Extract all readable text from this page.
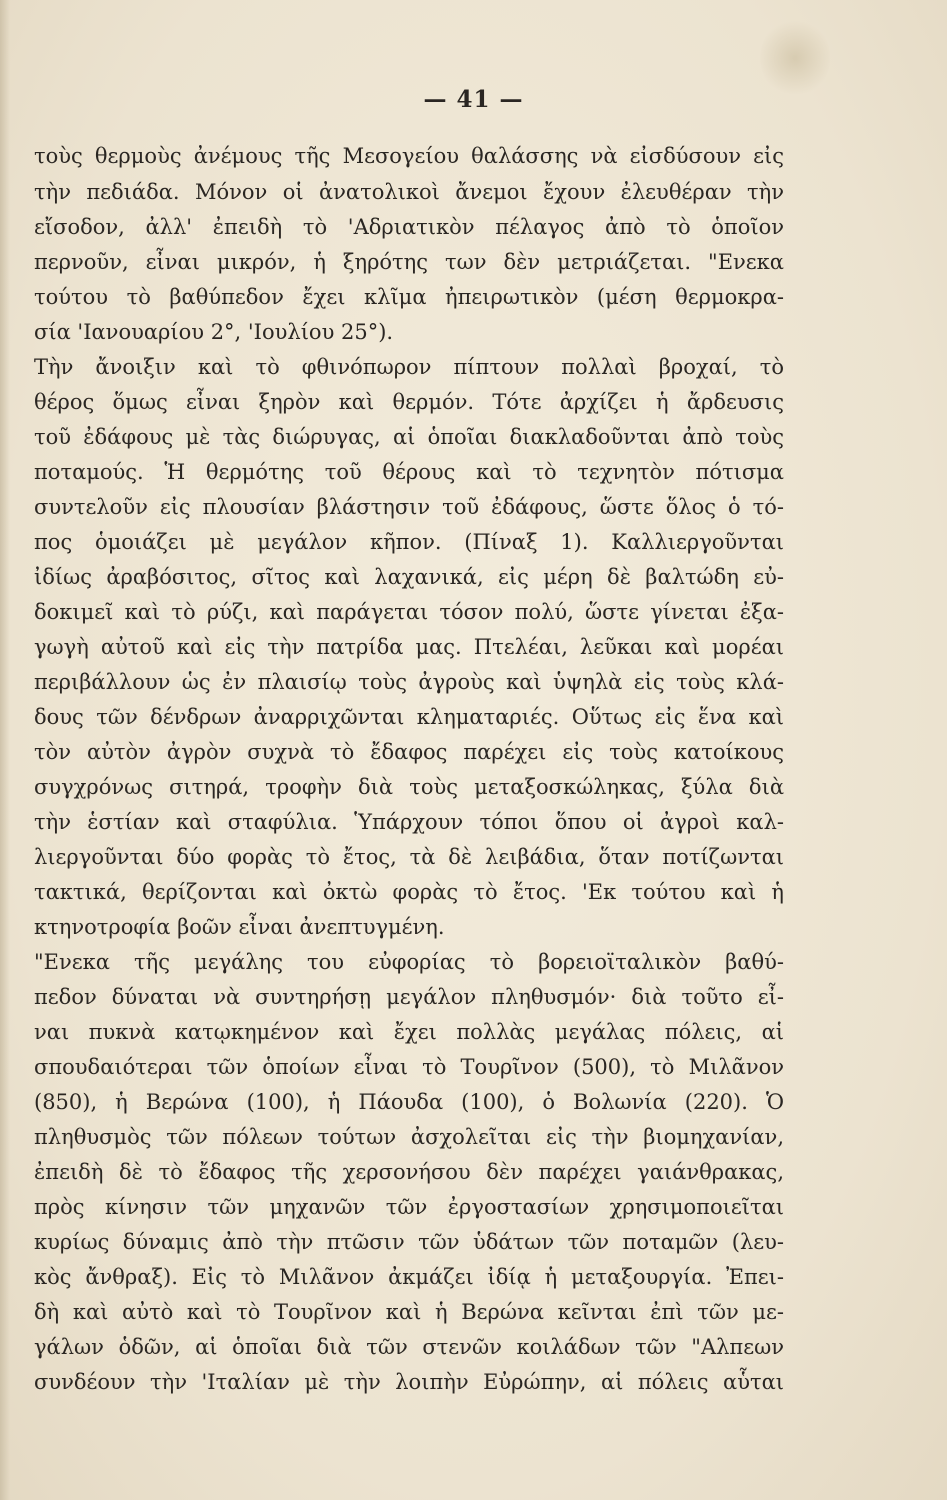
— 41 —
τοὺς θερμοὺς ἀνέμους τῆς Μεσογείου θαλάσσης νὰ εἰσδύσουν εἰς
τὴν πεδιάδα. Μόνον οἱ ἀνατολικοὶ ἄνεμοι ἔχουν ἐλευθέραν τὴν
εἴσοδον, ἀλλ' ἐπειδὴ τὸ 'Αδριατικὸν πέλαγος ἀπὸ τὸ ὁποῖον
περνοῦν, εἶναι μικρόν, ἡ ξηρότης των δὲν μετριάζεται. "Ενεκα
τούτου τὸ βαθύπεδον ἔχει κλῖμα ἠπειρωτικὸν (μέση θερμοκρα-
σία 'Ιανουαρίου 2°, 'Ιουλίου 25°).
Τὴν ἄνοιξιν καὶ τὸ φθινόπωρον πίπτουν πολλαὶ βροχαί, τὸ
θέρος ὅμως εἶναι ξηρὸν καὶ θερμόν. Τότε ἀρχίζει ἡ ἄρδευσις
τοῦ ἐδάφους μὲ τὰς διώρυγας, αἱ ὁποῖαι διακλαδοῦνται ἀπὸ τοὺς
ποταμούς. Ἡ θερμότης τοῦ θέρους καὶ τὸ τεχνητὸν πότισμα
συντελοῦν εἰς πλουσίαν βλάστησιν τοῦ ἐδάφους, ὥστε ὅλος ὁ τό-
πος ὁμοιάζει μὲ μεγάλον κῆπον. (Πίναξ 1). Καλλιεργοῦνται
ἰδίως ἀραβόσιτος, σῖτος καὶ λαχανικά, εἰς μέρη δὲ βαλτώδη εὐ-
δοκιμεῖ καὶ τὸ ρύζι, καὶ παράγεται τόσον πολύ, ὥστε γίνεται ἐξα-
γωγὴ αὐτοῦ καὶ εἰς τὴν πατρίδα μας. Πτελέαι, λεῦκαι καὶ μορέαι
περιβάλλουν ὡς ἐν πλαισίῳ τοὺς ἀγροὺς καὶ ὑψηλὰ εἰς τοὺς κλά-
δους τῶν δένδρων ἀναρριχῶνται κληματαριές. Οὕτως εἰς ἕνα καὶ
τὸν αὐτὸν ἀγρὸν συχνὰ τὸ ἔδαφος παρέχει εἰς τοὺς κατοίκους
συγχρόνως σιτηρά, τροφὴν διὰ τοὺς μεταξοσκώληκας, ξύλα διὰ
τὴν ἑστίαν καὶ σταφύλια. Ὑπάρχουν τόποι ὅπου οἱ ἀγροὶ καλ-
λιεργοῦνται δύο φορὰς τὸ ἔτος, τὰ δὲ λειβάδια, ὅταν ποτίζωνται
τακτικά, θερίζονται καὶ ὀκτὼ φορὰς τὸ ἔτος. 'Εκ τούτου καὶ ἡ
κτηνοτροφία βοῶν εἶναι ἀνεπτυγμένη.
"Ενεκα τῆς μεγάλης του εὐφορίας τὸ βορειοϊταλικὸν βαθύ-
πεδον δύναται νὰ συντηρήσῃ μεγάλον πληθυσμόν· διὰ τοῦτο εἶ-
ναι πυκνὰ κατῳκημένον καὶ ἔχει πολλὰς μεγάλας πόλεις, αἱ
σπουδαιότεραι τῶν ὁποίων εἶναι τὸ Τουρῖνον (500), τὸ Μιλᾶνον
(850), ἡ Βερώνα (100), ἡ Πάουδα (100), ὁ Βολωνία (220). Ὁ
πληθυσμὸς τῶν πόλεων τούτων ἀσχολεῖται εἰς τὴν βιομηχανίαν,
ἐπειδὴ δὲ τὸ ἔδαφος τῆς χερσονήσου δὲν παρέχει γαιάνθρακας,
πρὸς κίνησιν τῶν μηχανῶν τῶν ἐργοστασίων χρησιμοποιεῖται
κυρίως δύναμις ἀπὸ τὴν πτῶσιν τῶν ὑδάτων τῶν ποταμῶν (λευ-
κὸς ἄνθραξ). Εἰς τὸ Μιλᾶνον ἀκμάζει ἰδίᾳ ἡ μεταξουργία. Ἐπει-
δὴ καὶ αὐτὸ καὶ τὸ Τουρῖνον καὶ ἡ Βερώνα κεῖνται ἐπὶ τῶν με-
γάλων ὁδῶν, αἱ ὁποῖαι διὰ τῶν στενῶν κοιλάδων τῶν "Αλπεων
συνδέουν τὴν 'Ιταλίαν μὲ τὴν λοιπὴν Εὐρώπην, αἱ πόλεις αὗται
